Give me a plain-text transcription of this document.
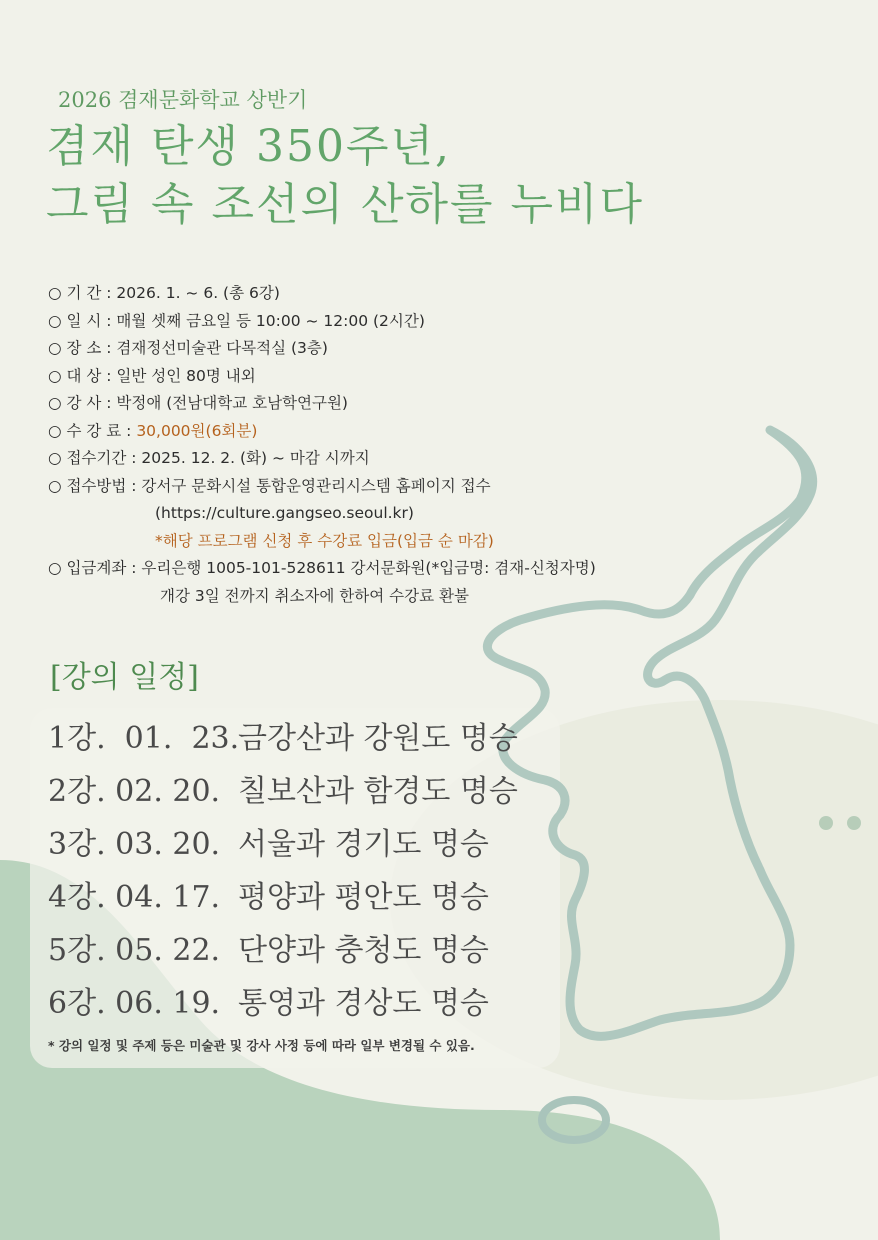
2026 겸재문화학교 상반기
겸재 탄생 350주년,
그림 속 조선의 산하를 누비다
○ 기 간 : 2026. 1. ~ 6. (총 6강)
○ 일 시 : 매월 셋째 금요일 등 10:00 ~ 12:00 (2시간)
○ 장 소 : 겸재정선미술관 다목적실 (3층)
○ 대 상 : 일반 성인 80명 내외
○ 강 사 : 박정애 (전남대학교 호남학연구원)
○ 수 강 료 : 30,000원(6회분)
○ 접수기간 : 2025. 12. 2. (화) ~ 마감 시까지
○ 접수방법 : 강서구 문화시설 통합운영관리시스템 홈페이지 접수
(https://culture.gangseo.seoul.kr)
*해당 프로그램 신청 후 수강료 입금(입금 순 마감)
○ 입금계좌 : 우리은행 1005-101-528611 강서문화원(*입금명: 겸재-신청자명)
개강 3일 전까지 취소자에 한하여 수강료 환불
[강의 일정]
1강.  01.  23.
금강산과 강원도 명승
2강. 02. 20. 칠보산과 함경도 명승
3강. 03. 20. 서울과 경기도 명승
4강. 04. 17. 평양과 평안도 명승
5강. 05. 22. 단양과 충청도 명승
6강. 06. 19. 통영과 경상도 명승
* 강의 일정 및 주제 등은 미술관 및 강사 사정 등에 따라 일부 변경될 수 있음.
